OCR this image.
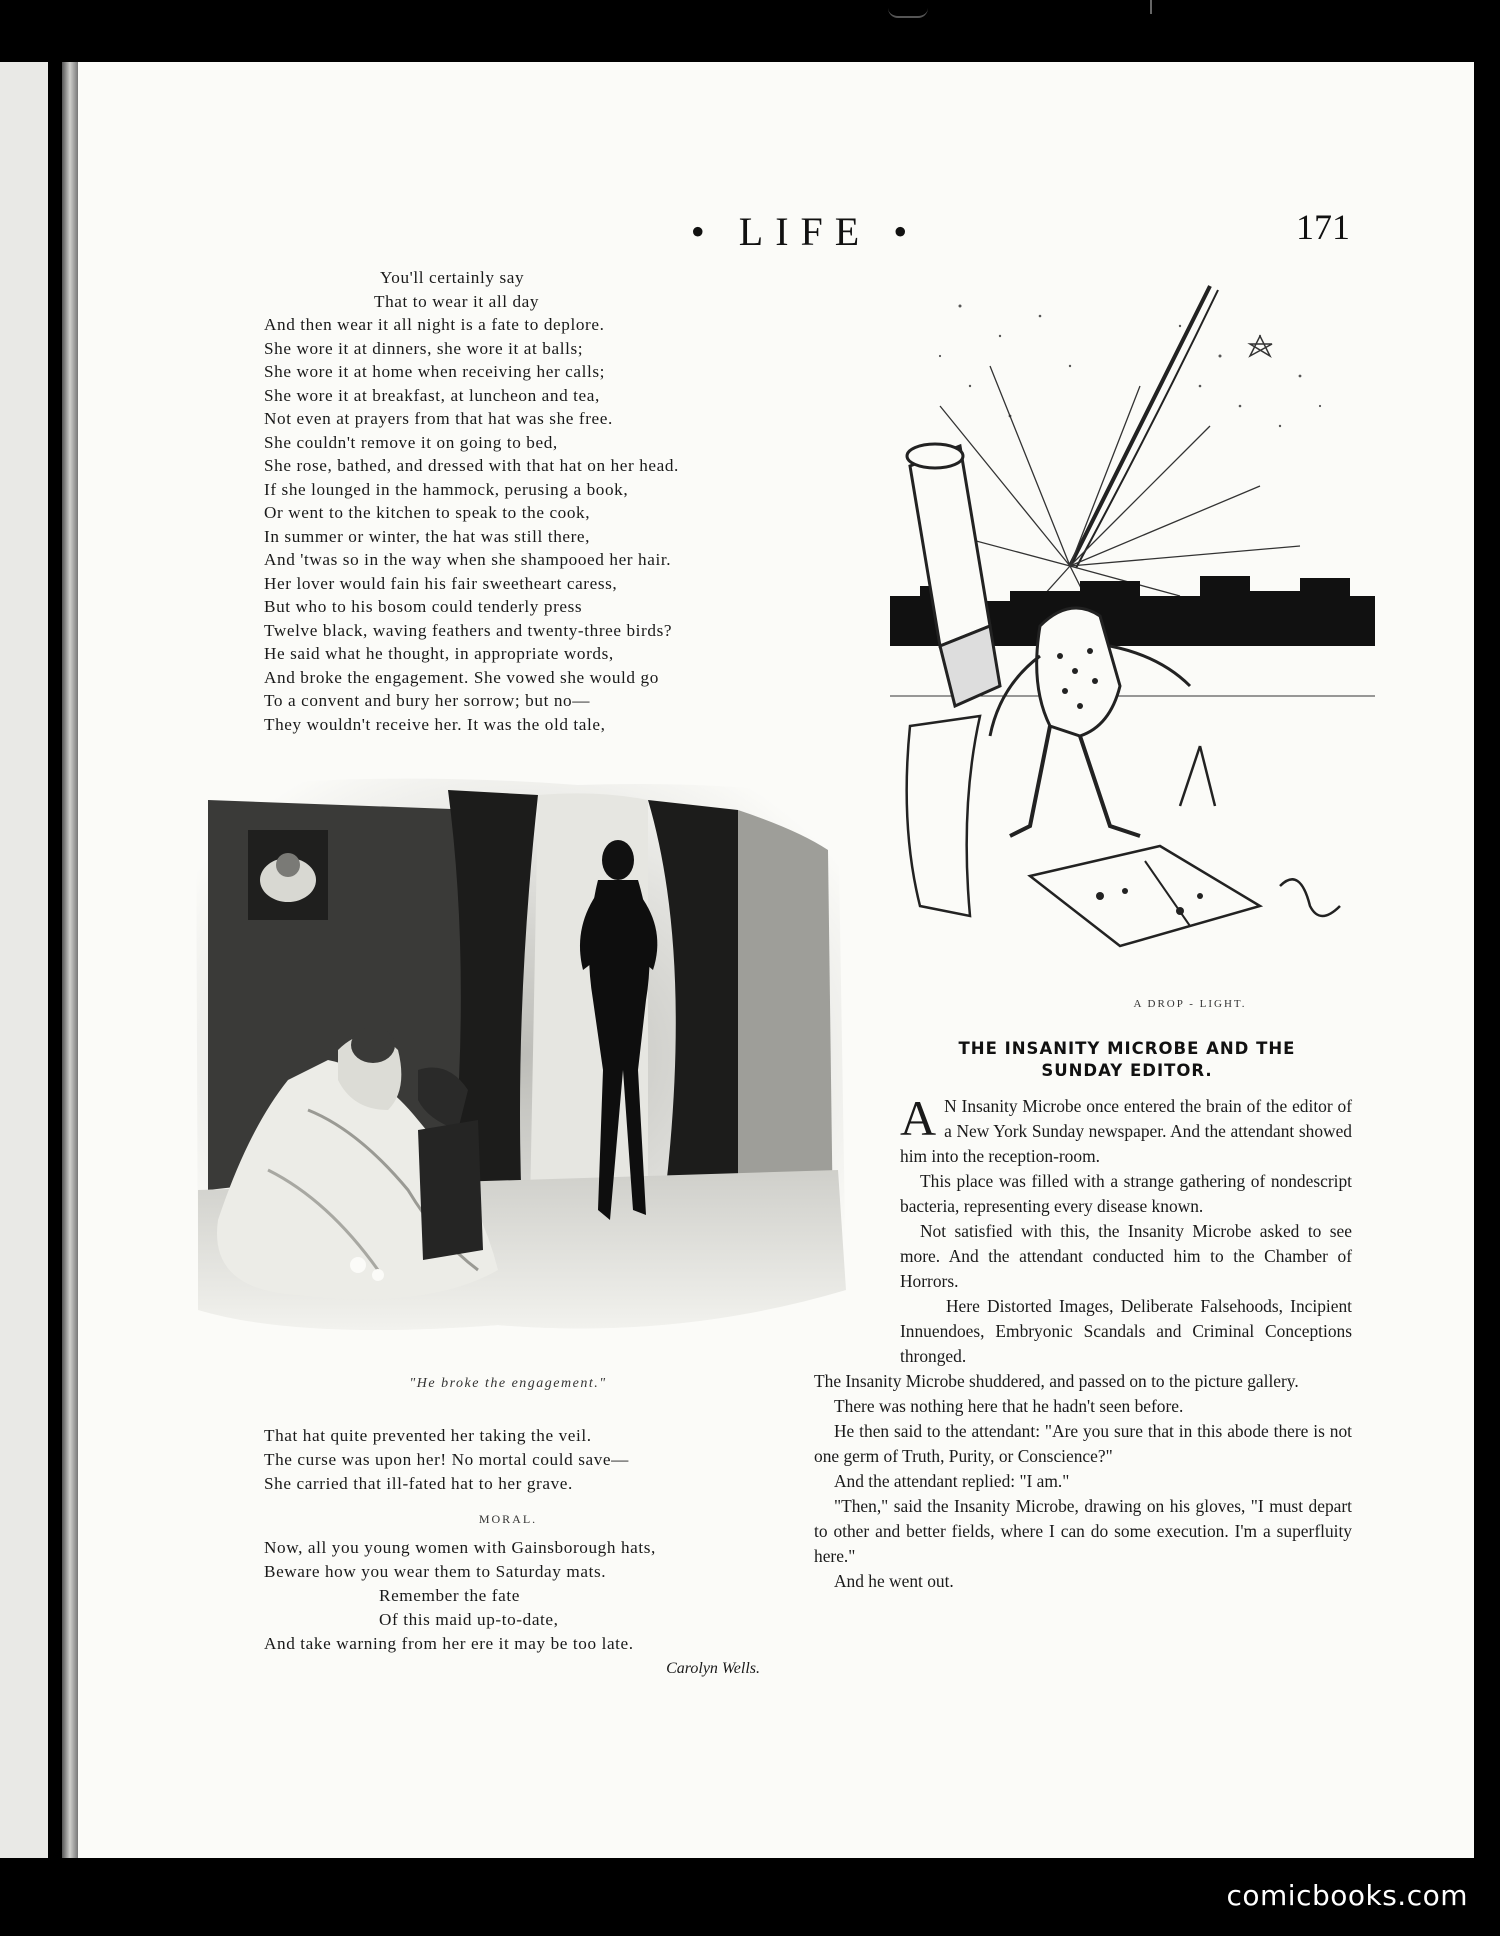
• LIFE •	171
You'll certainly say
That to wear it all day
And then wear it all night is a fate to deplore.
She wore it at dinners, she wore it at balls;
She wore it at home when receiving her calls;
She wore it at breakfast, at luncheon and tea,
Not even at prayers from that hat was she free.
She couldn't remove it on going to bed,
She rose, bathed, and dressed with that hat on her head.
If she lounged in the hammock, perusing a book,
Or went to the kitchen to speak to the cook,
In summer or winter, the hat was still there,
And 'twas so in the way when she shampooed her hair.
Her lover would fain his fair sweetheart caress,
But who to his bosom could tenderly press
Twelve black, waving feathers and twenty-three birds?
He said what he thought, in appropriate words,
And broke the engagement. She vowed she would go
To a convent and bury her sorrow; but no—
They wouldn't receive her. It was the old tale,
"He broke the engagement."
That hat quite prevented her taking the veil.
The curse was upon her! No mortal could save—
She carried that ill-fated hat to her grave.
MORAL.
Now, all you young women with Gainsborough hats,
Beware how you wear them to Saturday mats.
Remember the fate
Of this maid up-to-date,
And take warning from her ere it may be too late.
Carolyn Wells.
A DROP - LIGHT.
THE INSANITY MICROBE AND THE
SUNDAY EDITOR.

A N Insanity Microbe once entered the brain of the editor of a New York Sunday newspaper. And the attendant showed him into the reception-room.

This place was filled with a strange gathering of nondescript bacteria, representing every disease known.

Not satisfied with this, the Insanity Microbe asked to see more. And the attendant conducted him to the Chamber of Horrors.

Here Distorted Images, Deliberate Falsehoods, Incipient Innuendoes, Embryonic Scandals and Criminal Conceptions thronged.

The Insanity Microbe shuddered, and passed on to the picture gallery.

There was nothing here that he hadn't seen before.

He then said to the attendant: "Are you sure that in this abode there is not one germ of Truth, Purity, or Conscience?"

And the attendant replied: "I am."

"Then," said the Insanity Microbe, drawing on his gloves, "I must depart to other and better fields, where I can do some execution. I'm a superfluity here."

And he went out.

comicbooks.com
